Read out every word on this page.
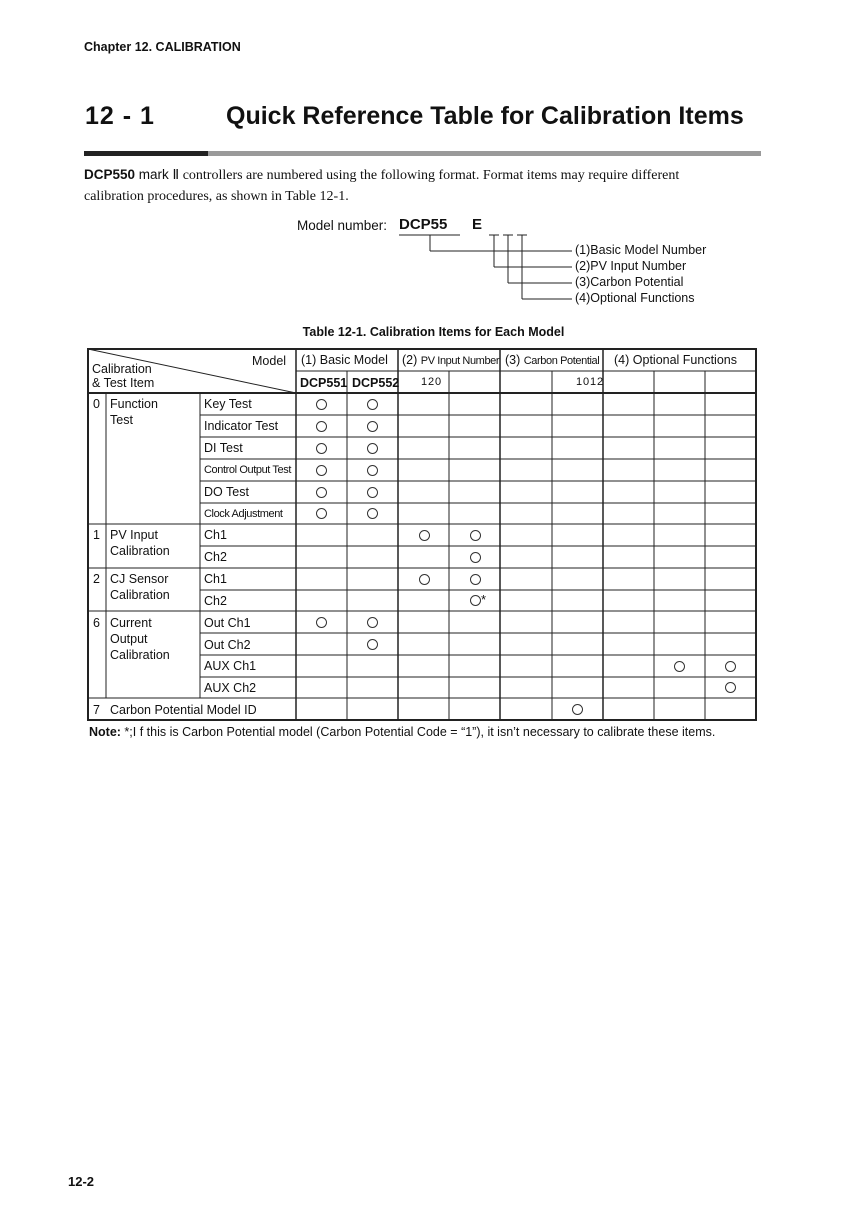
Chapter 12. CALIBRATION
12 - 1	Quick Reference Table for Calibration Items
DCP550 mark Ⅱ controllers are numbered using the following format. Format items may require different
calibration procedures, as shown in Table 12-1.
Model number: DCP55 E
(1)Basic Model Number
(2)PV Input Number
(3)Carbon Potential
(4)Optional Functions
Table 12-1. Calibration Items for Each Model
Model
Calibration
& Test Item
(1) Basic Model (2) PV Input Number (3) Carbon Potential (4) Optional Functions
DCP551 DCP552 1 2 0	1 0 1 2
0 Function
Test
1 PV Input
Calibration
2 CJ Sensor
Calibration
6 Current
Output
Calibration
7
Key Test
Indicator Test
DI Test
Control Output Test
DO Test
Clock Adjustment
Ch1
Ch2
Ch1
Ch2
Out Ch1
Out Ch2
AUX Ch1
AUX Ch2
Carbon Potential Model ID
*
Note: *;I f this is Carbon Potential model (Carbon Potential Code = “1”), it isn’t necessary to calibrate these items.
12-2
